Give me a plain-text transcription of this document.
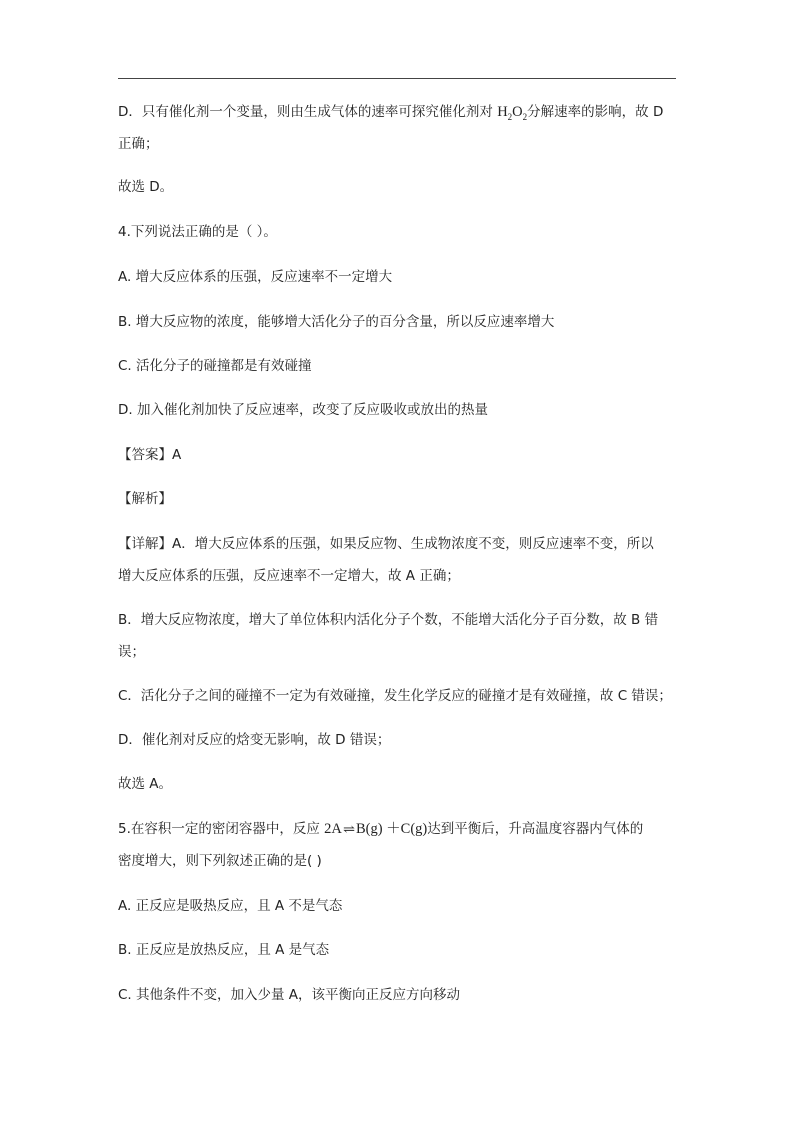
D．只有催化剂一个变量，则由生成气体的速率可探究催化剂对 $H_2O_2$分解速率的影响，故 D
正确；
故选 D。
4.下列说法正确的是（ ）。
A. 增大反应体系的压强，反应速率不一定增大
B. 增大反应物的浓度，能够增大活化分子的百分含量，所以反应速率增大
C. 活化分子的碰撞都是有效碰撞
D. 加入催化剂加快了反应速率，改变了反应吸收或放出的热量
【答案】A
【解析】
【详解】A．增大反应体系的压强，如果反应物、生成物浓度不变，则反应速率不变，所以
增大反应体系的压强，反应速率不一定增大，故 A 正确；
B．增大反应物浓度，增大了单位体积内活化分子个数，不能增大活化分子百分数，故 B 错
误；
C．活化分子之间的碰撞不一定为有效碰撞，发生化学反应的碰撞才是有效碰撞，故 C 错误；
D．催化剂对反应的焓变无影响，故 D 错误；
故选 A。
5.在容积一定的密闭容器中，反应 2A⇌B(g) ＋C(g)达到平衡后，升高温度容器内气体的
密度增大，则下列叙述正确的是( )
A. 正反应是吸热反应，且 A 不是气态
B. 正反应是放热反应，且 A 是气态
C. 其他条件不变，加入少量 A，该平衡向正反应方向移动
